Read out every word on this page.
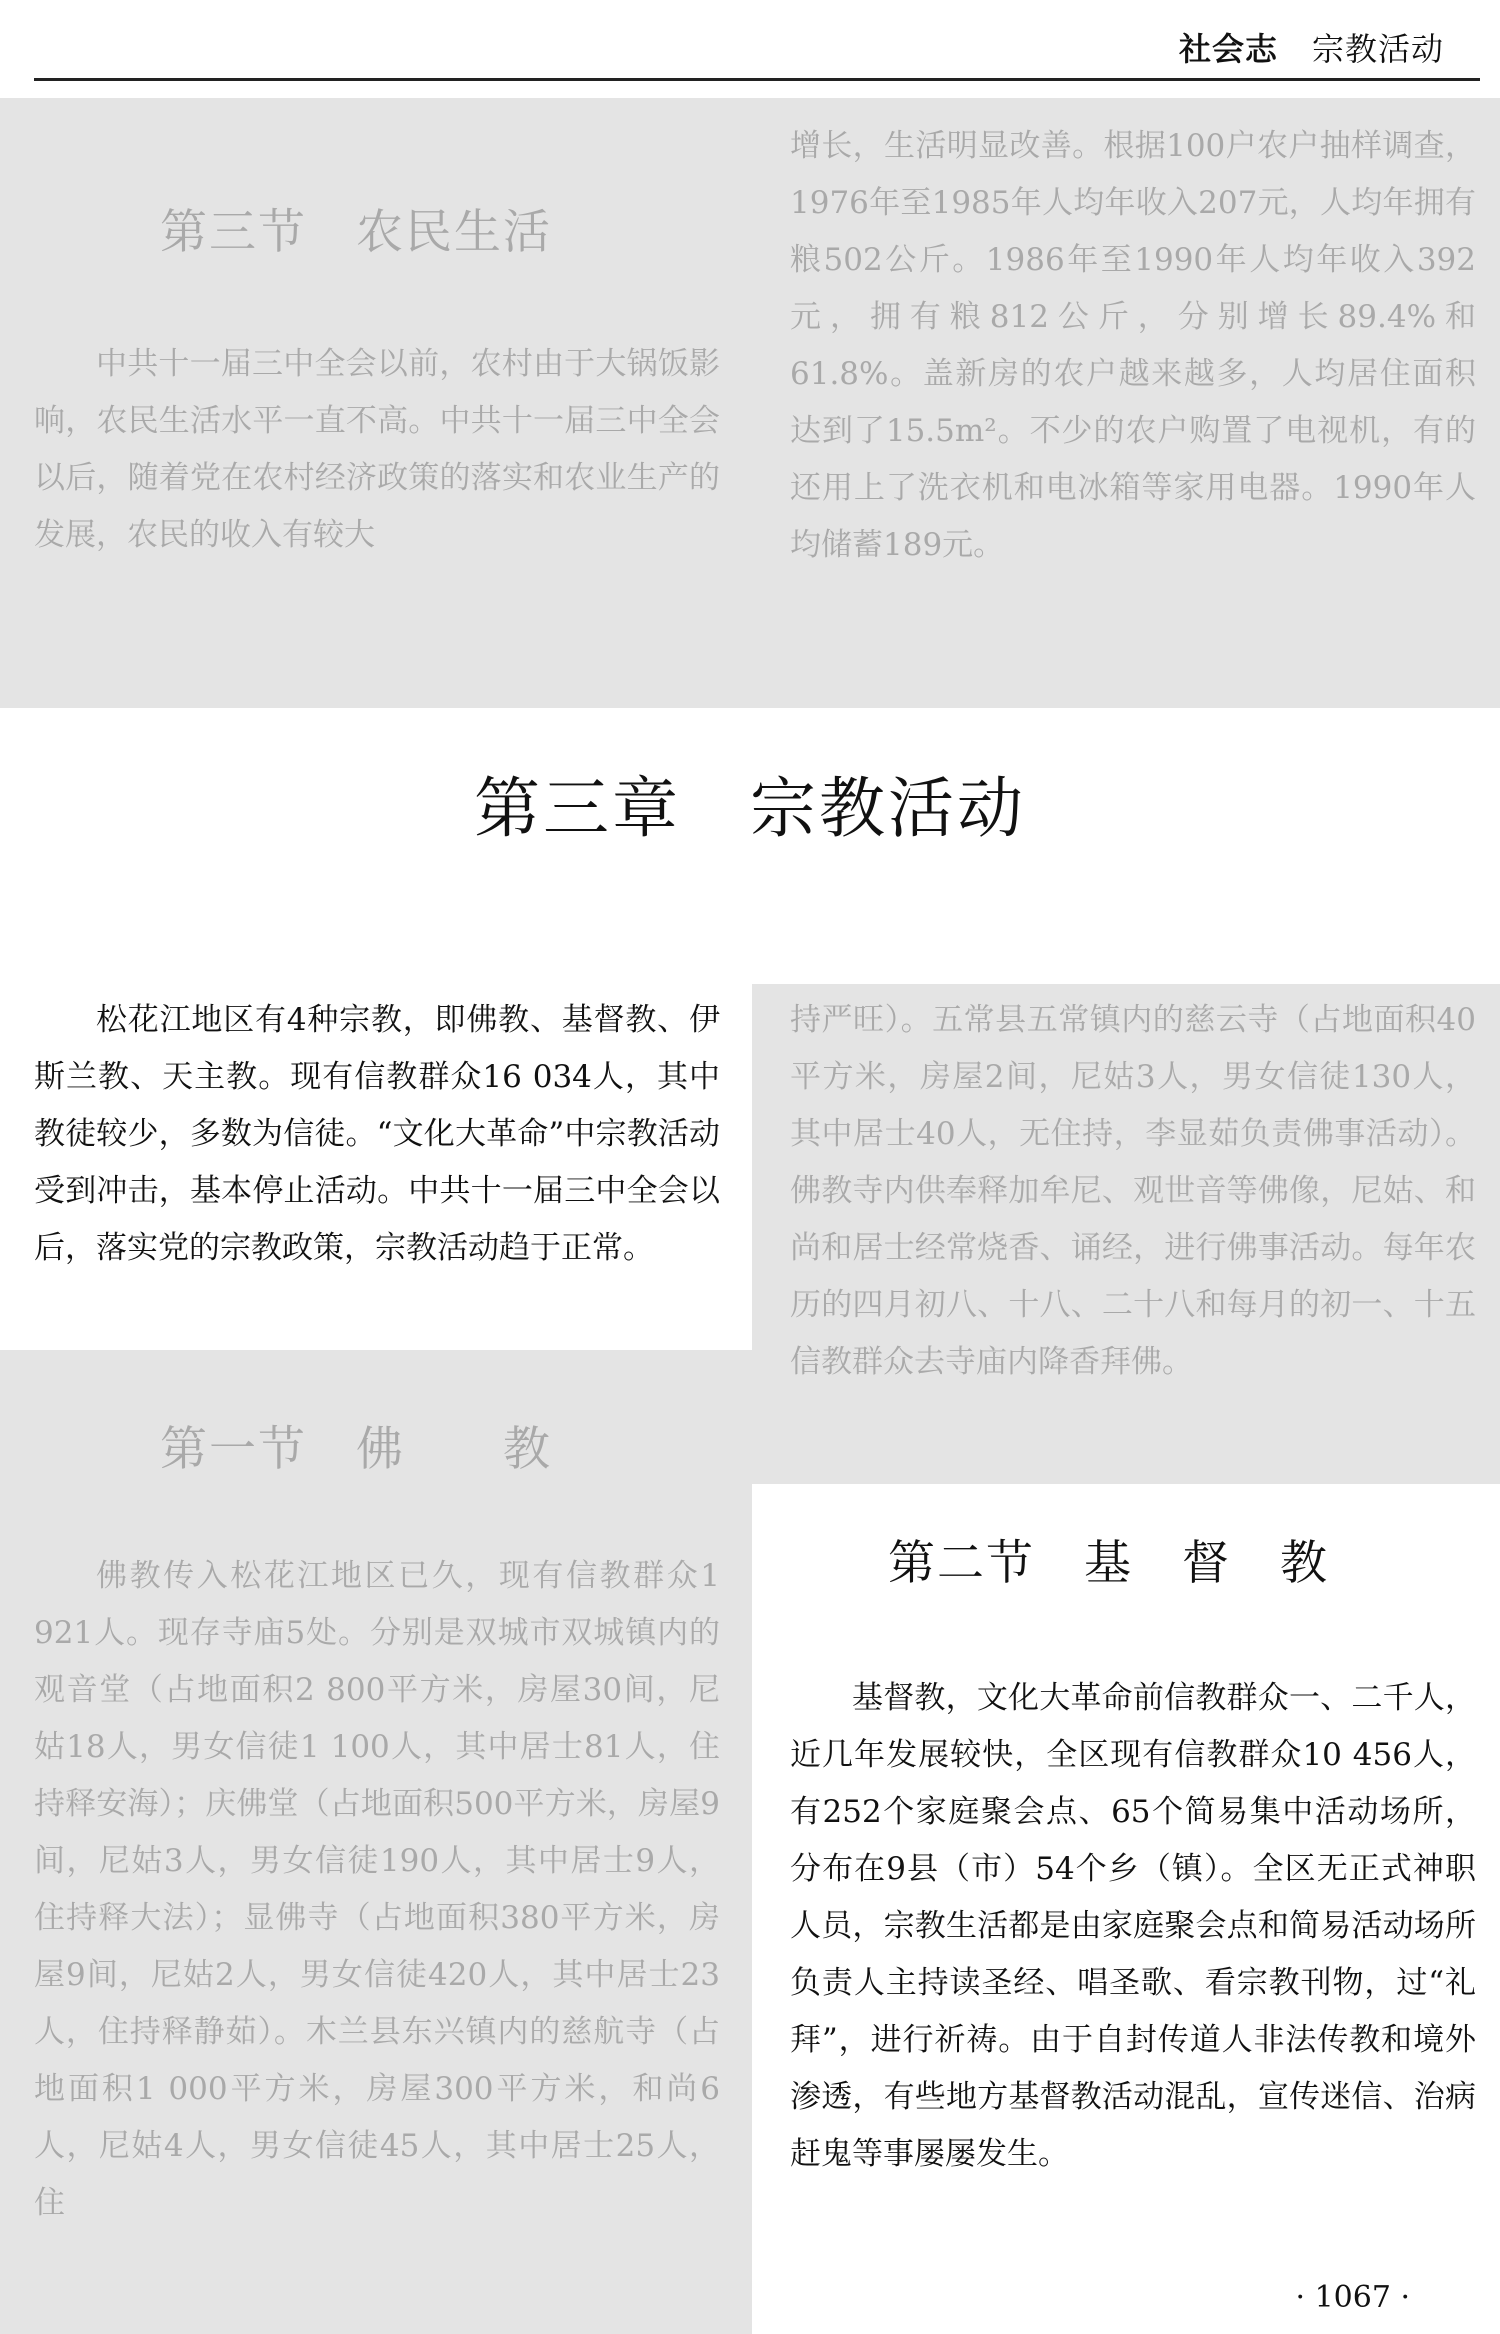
社会志 宗教活动
第三节　农民生活

中共十一届三中全会以前，农村由于大锅饭影响，农民生活水平一直不高。中共十一届三中全会以后，随着党在农村经济政策的落实和农业生产的发展，农民的收入有较大

增长，生活明显改善。根据100户农户抽样调查，1976年至1985年人均年收入207元，人均年拥有粮502公斤。1986年至1990年人均年收入392元，拥有粮812公斤，分别增长89.4%和61.8%。盖新房的农户越来越多，人均居住面积达到了15.5m²。不少的农户购置了电视机，有的还用上了洗衣机和电冰箱等家用电器。1990年人均储蓄189元。

第三章　宗教活动

松花江地区有4种宗教，即佛教、基督教、伊斯兰教、天主教。现有信教群众16 034人，其中教徒较少，多数为信徒。“文化大革命”中宗教活动受到冲击，基本停止活动。中共十一届三中全会以后，落实党的宗教政策，宗教活动趋于正常。

持严旺）。五常县五常镇内的慈云寺（占地面积40平方米，房屋2间，尼姑3人，男女信徒130人，其中居士40人，无住持，李显茹负责佛事活动）。佛教寺内供奉释加牟尼、观世音等佛像，尼姑、和尚和居士经常烧香、诵经，进行佛事活动。每年农历的四月初八、十八、二十八和每月的初一、十五信教群众去寺庙内降香拜佛。

第一节　佛　　教

佛教传入松花江地区已久，现有信教群众1 921人。现存寺庙5处。分别是双城市双城镇内的观音堂（占地面积2 800平方米，房屋30间，尼姑18人，男女信徒1 100人，其中居士81人，住持释安海）；庆佛堂（占地面积500平方米，房屋9间，尼姑3人，男女信徒190人，其中居士9人，住持释大法）；显佛寺（占地面积380平方米，房屋9间，尼姑2人，男女信徒420人，其中居士23人，住持释静茹）。木兰县东兴镇内的慈航寺（占地面积1 000平方米，房屋300平方米，和尚6人，尼姑4人，男女信徒45人，其中居士25人，住

第二节　基　督　教

基督教，文化大革命前信教群众一、二千人，近几年发展较快，全区现有信教群众10 456人，有252个家庭聚会点、65个简易集中活动场所，分布在9县（市）54个乡（镇）。全区无正式神职人员，宗教生活都是由家庭聚会点和简易活动场所负责人主持读圣经、唱圣歌、看宗教刊物，过“礼拜”，进行祈祷。由于自封传道人非法传教和境外渗透，有些地方基督教活动混乱，宣传迷信、治病赶鬼等事屡屡发生。

· 1067 ·
